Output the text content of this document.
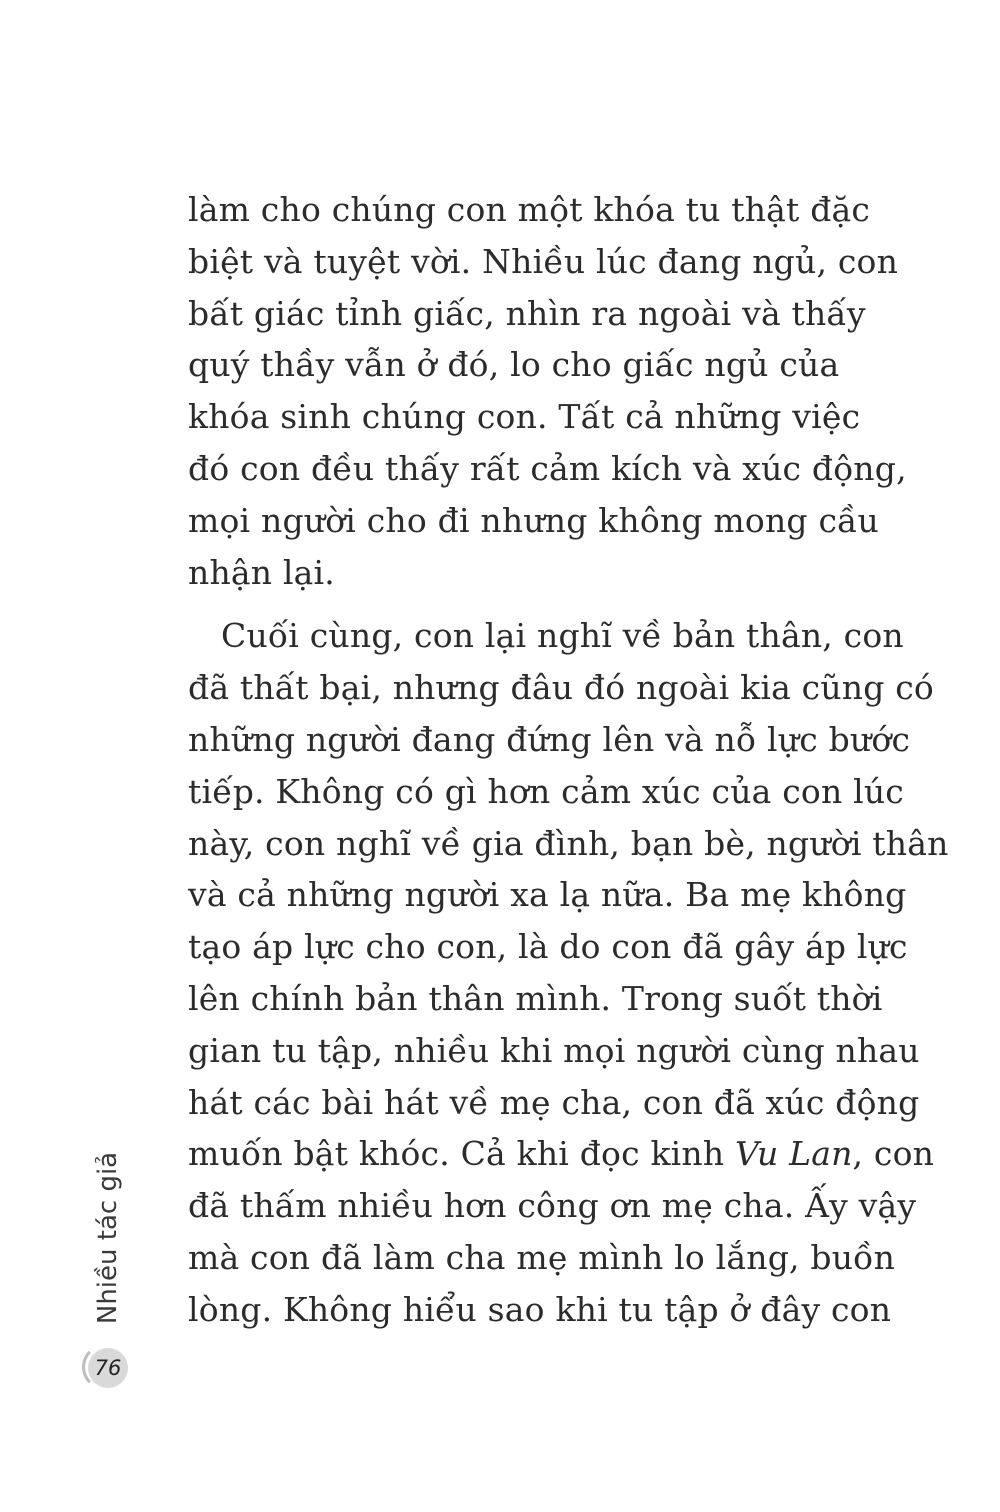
làm cho chúng con một khóa tu thật đặc
biệt và tuyệt vời. Nhiều lúc đang ngủ, con
bất giác tỉnh giấc, nhìn ra ngoài và thấy
quý thầy vẫn ở đó, lo cho giấc ngủ của
khóa sinh chúng con. Tất cả những việc
đó con đều thấy rất cảm kích và xúc động,
mọi người cho đi nhưng không mong cầu
nhận lại.

Cuối cùng, con lại nghĩ về bản thân, con
đã thất bại, nhưng đâu đó ngoài kia cũng có
những người đang đứng lên và nỗ lực bước
tiếp. Không có gì hơn cảm xúc của con lúc
này, con nghĩ về gia đình, bạn bè, người thân
và cả những người xa lạ nữa. Ba mẹ không
tạo áp lực cho con, là do con đã gây áp lực
lên chính bản thân mình. Trong suốt thời
gian tu tập, nhiều khi mọi người cùng nhau
hát các bài hát về mẹ cha, con đã xúc động
muốn bật khóc. Cả khi đọc kinh Vu Lan, con
đã thấm nhiều hơn công ơn mẹ cha. Ấy vậy
mà con đã làm cha mẹ mình lo lắng, buồn
lòng. Không hiểu sao khi tu tập ở đây con

Nhiều tác giả
76
